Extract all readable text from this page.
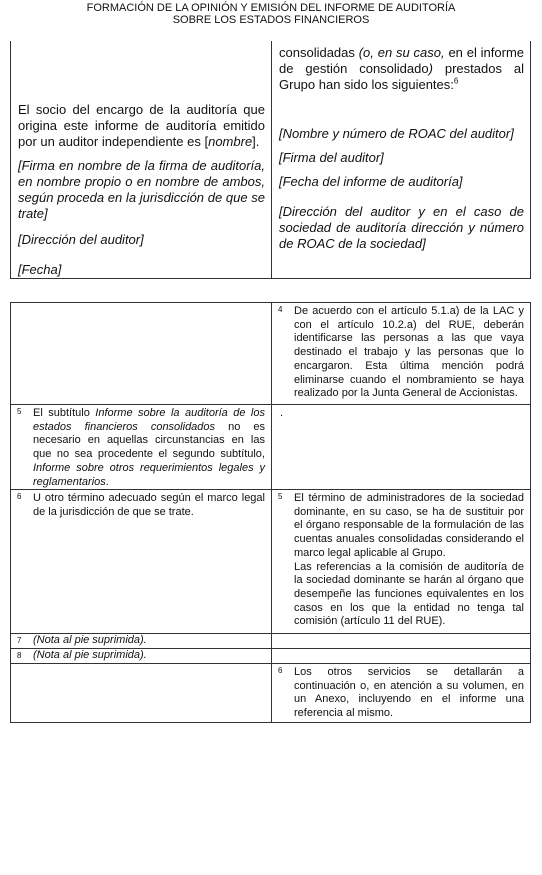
FORMACIÓN DE LA OPINIÓN Y EMISIÓN DEL INFORME DE AUDITORÍA
SOBRE LOS ESTADOS FINANCIEROS

El socio del encargo de la auditoría que origina este informe de auditoría emitido por un auditor independiente es [nombre].

[Firma en nombre de la firma de auditoría, en nombre propio o en nombre de ambos, según proceda en la jurisdicción de que se trate]

[Dirección del auditor]

[Fecha]

consolidadas (o, en su caso, en el informe de gestión consolidado) prestados al Grupo han sido los siguientes:$^6$

[Nombre y número de ROAC del auditor]

[Firma del auditor]

[Fecha del informe de auditoría]

[Dirección del auditor y en el caso de sociedad de auditoría dirección y número de ROAC de la sociedad]

4 De acuerdo con el artículo 5.1.a) de la LAC y con el artículo 10.2.a) del RUE, deberán identificarse las personas a las que vaya destinado el trabajo y las personas que lo encargaron. Esta última mención podrá eliminarse cuando el nombramiento se haya realizado por la Junta General de Accionistas.
5 El subtítulo Informe sobre la auditoría de los estados financieros consolidados no es necesario en aquellas circunstancias en las que no sea procedente el segundo subtítulo, Informe sobre otros requerimientos legales y reglamentarios.
.
6 U otro término adecuado según el marco legal de la jurisdicción de que se trate.
5 El término de administradores de la sociedad dominante, en su caso, se ha de sustituir por el órgano responsable de la formulación de las cuentas anuales consolidadas considerando el marco legal aplicable al Grupo.
Las referencias a la comisión de auditoría de la sociedad dominante se harán al órgano que desempeñe las funciones equivalentes en los casos en los que la entidad no tenga tal comisión (artículo 11 del RUE).
7 (Nota al pie suprimida).
8 (Nota al pie suprimida).
6 Los otros servicios se detallarán a continuación o, en atención a su volumen, en un Anexo, incluyendo en el informe una referencia al mismo.
